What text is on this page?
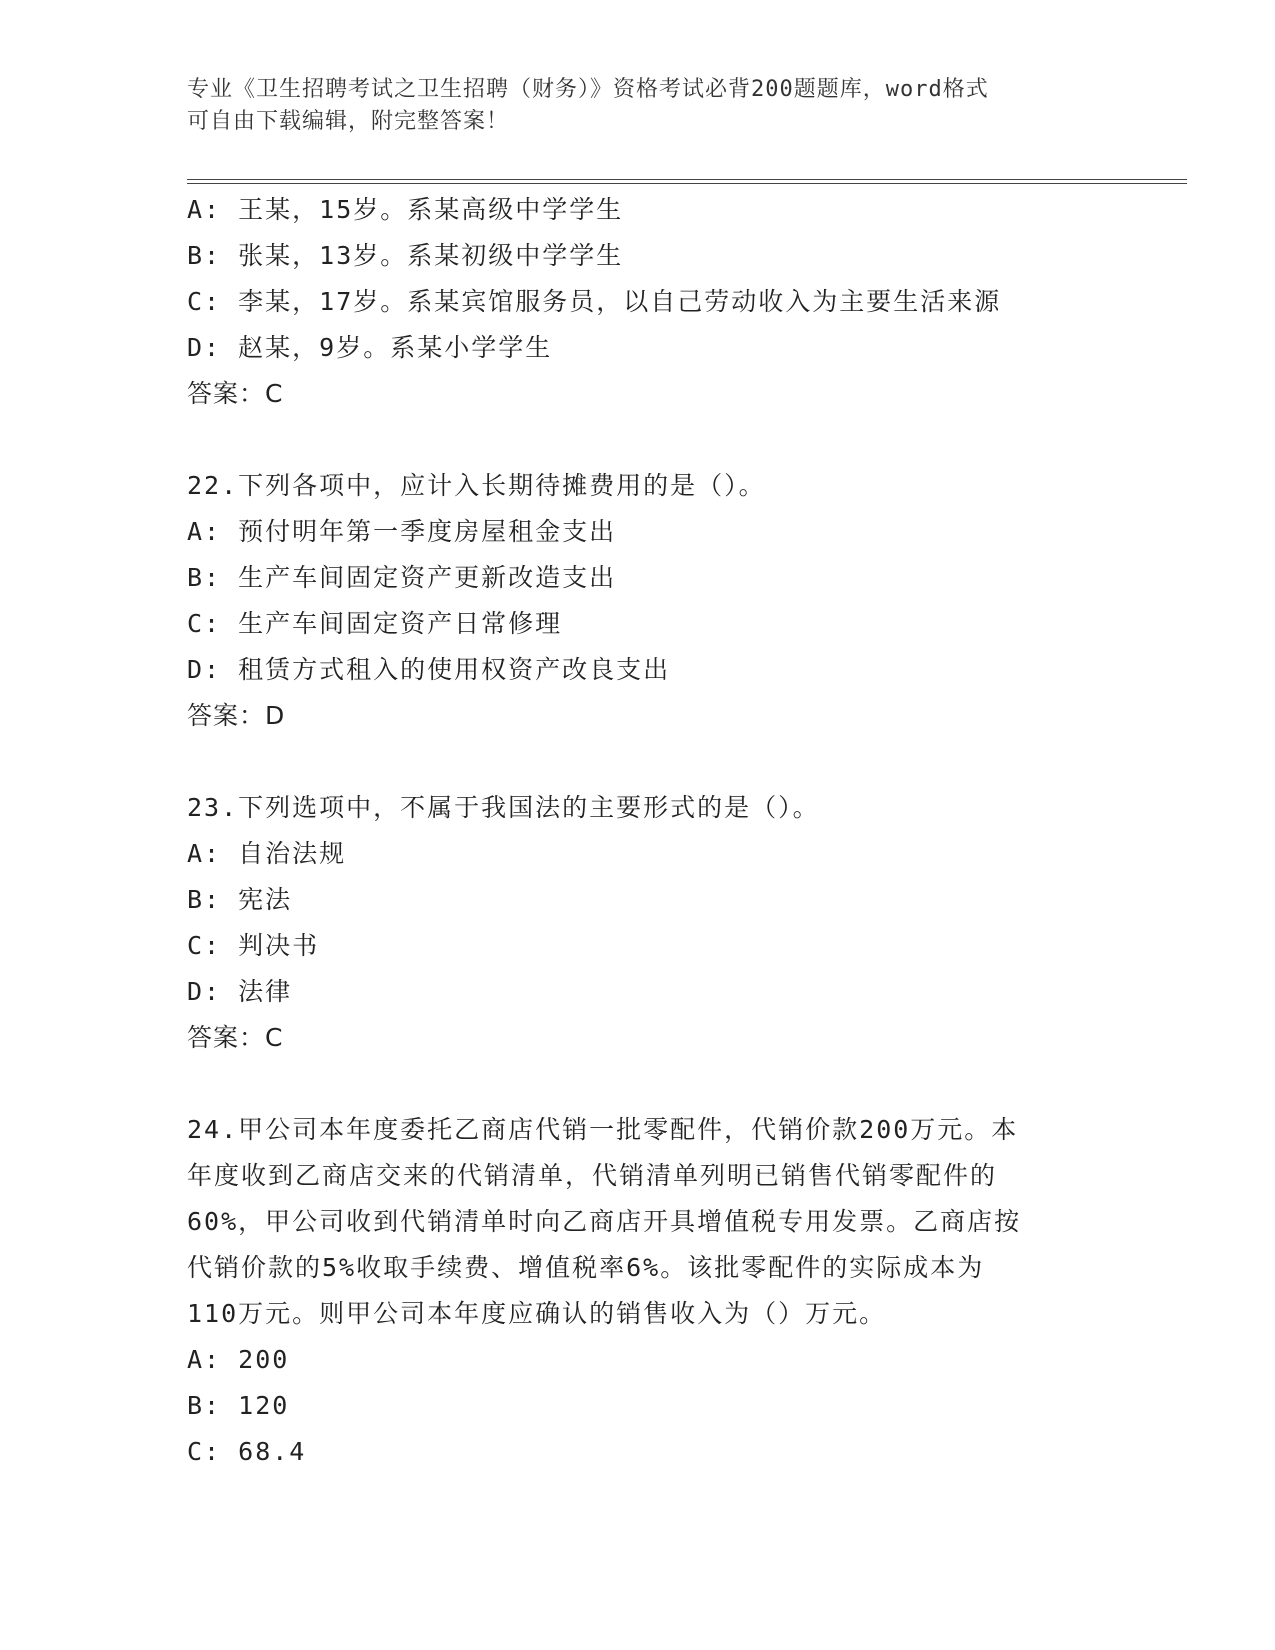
专业《卫生招聘考试之卫生招聘（财务）》资格考试必背200题题库，word格式
可自由下载编辑，附完整答案！
A: 王某，15岁。系某高级中学学生
B: 张某，13岁。系某初级中学学生
C: 李某，17岁。系某宾馆服务员，以自己劳动收入为主要生活来源
D: 赵某，9岁。系某小学学生
答案：C
22.下列各项中，应计入长期待摊费用的是（）。
A: 预付明年第一季度房屋租金支出
B: 生产车间固定资产更新改造支出
C: 生产车间固定资产日常修理
D: 租赁方式租入的使用权资产改良支出
答案：D
23.下列选项中，不属于我国法的主要形式的是（）。
A: 自治法规
B: 宪法
C: 判决书
D: 法律
答案：C
24.甲公司本年度委托乙商店代销一批零配件，代销价款200万元。本
年度收到乙商店交来的代销清单，代销清单列明已销售代销零配件的
60%，甲公司收到代销清单时向乙商店开具增值税专用发票。乙商店按
代销价款的5%收取手续费、增值税率6%。该批零配件的实际成本为
110万元。则甲公司本年度应确认的销售收入为（）万元。
A: 200
B: 120
C: 68.4
